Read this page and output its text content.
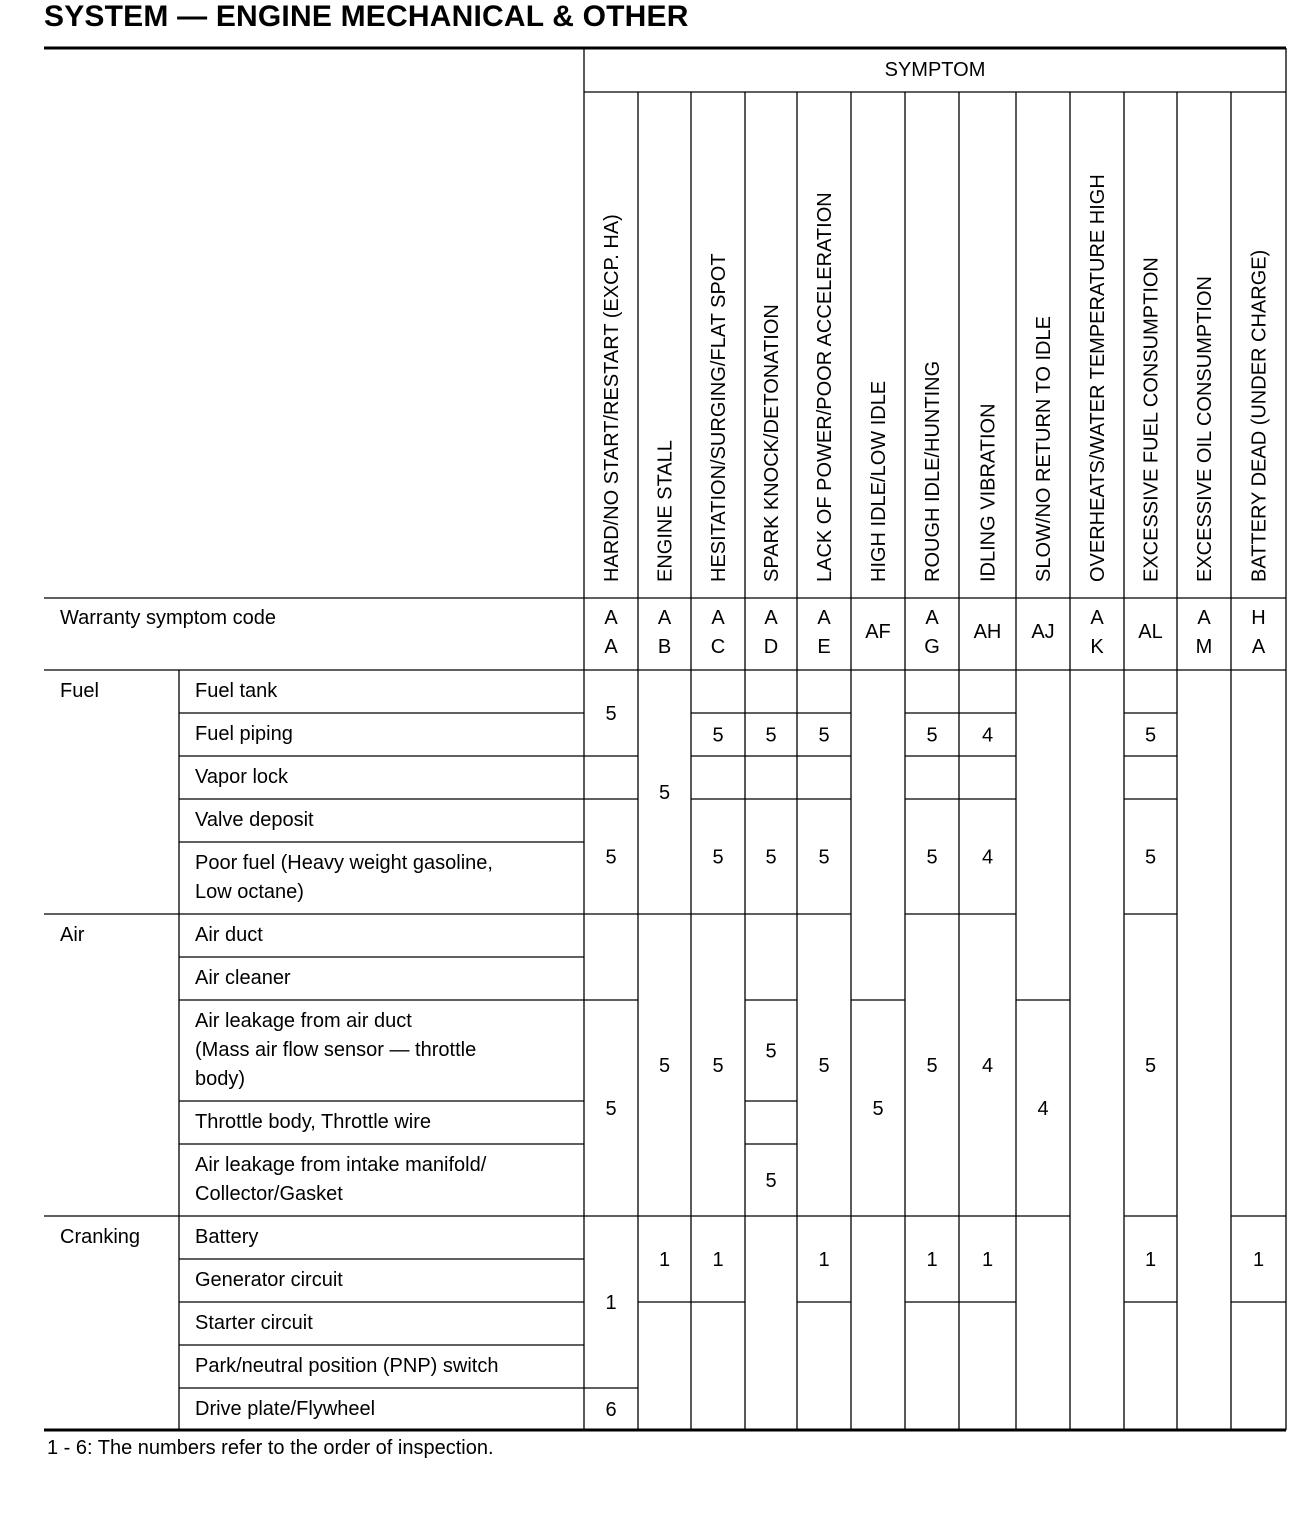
SYSTEM — ENGINE MECHANICAL & OTHER
SYMPTOM
HARD/NO START/RESTART (EXCP. HA) ENGINE STALL HESITATION/SURGING/FLAT SPOT SPARK KNOCK/DETONATION LACK OF POWER/POOR ACCELERATION HIGH IDLE/LOW IDLE ROUGH IDLE/HUNTING IDLING VIBRATION SLOW/NO RETURN TO IDLE OVERHEATS/WATER TEMPERATURE HIGH EXCESSIVE FUEL CONSUMPTION EXCESSIVE OIL CONSUMPTION BATTERY DEAD (UNDER CHARGE)
Warranty symptom code	A
A
A
B
A
C
A
D
A
E
AF
A
G
AH AJ
A
K
AL
A
M
H
A
Fuel
Air
Cranking
Fuel tank
Fuel piping
Vapor lock
Valve deposit
Poor fuel (Heavy weight gasoline,
Low octane)
Air duct
Air cleaner
Air leakage from air duct
(Mass air flow sensor — throttle
body)
Throttle body, Throttle wire
Air leakage from intake manifold/
Collector/Gasket
Battery
Generator circuit
Starter circuit
Park/neutral position (PNP) switch
Drive plate/Flywheel
5
5
5
1
6
5
5
1
5
5
5
1
5
5
5
5
5
5
5
1
5
5
5
5
1
4
4
4
1
4
5
5
5
1	1
1 - 6: The numbers refer to the order of inspection.
